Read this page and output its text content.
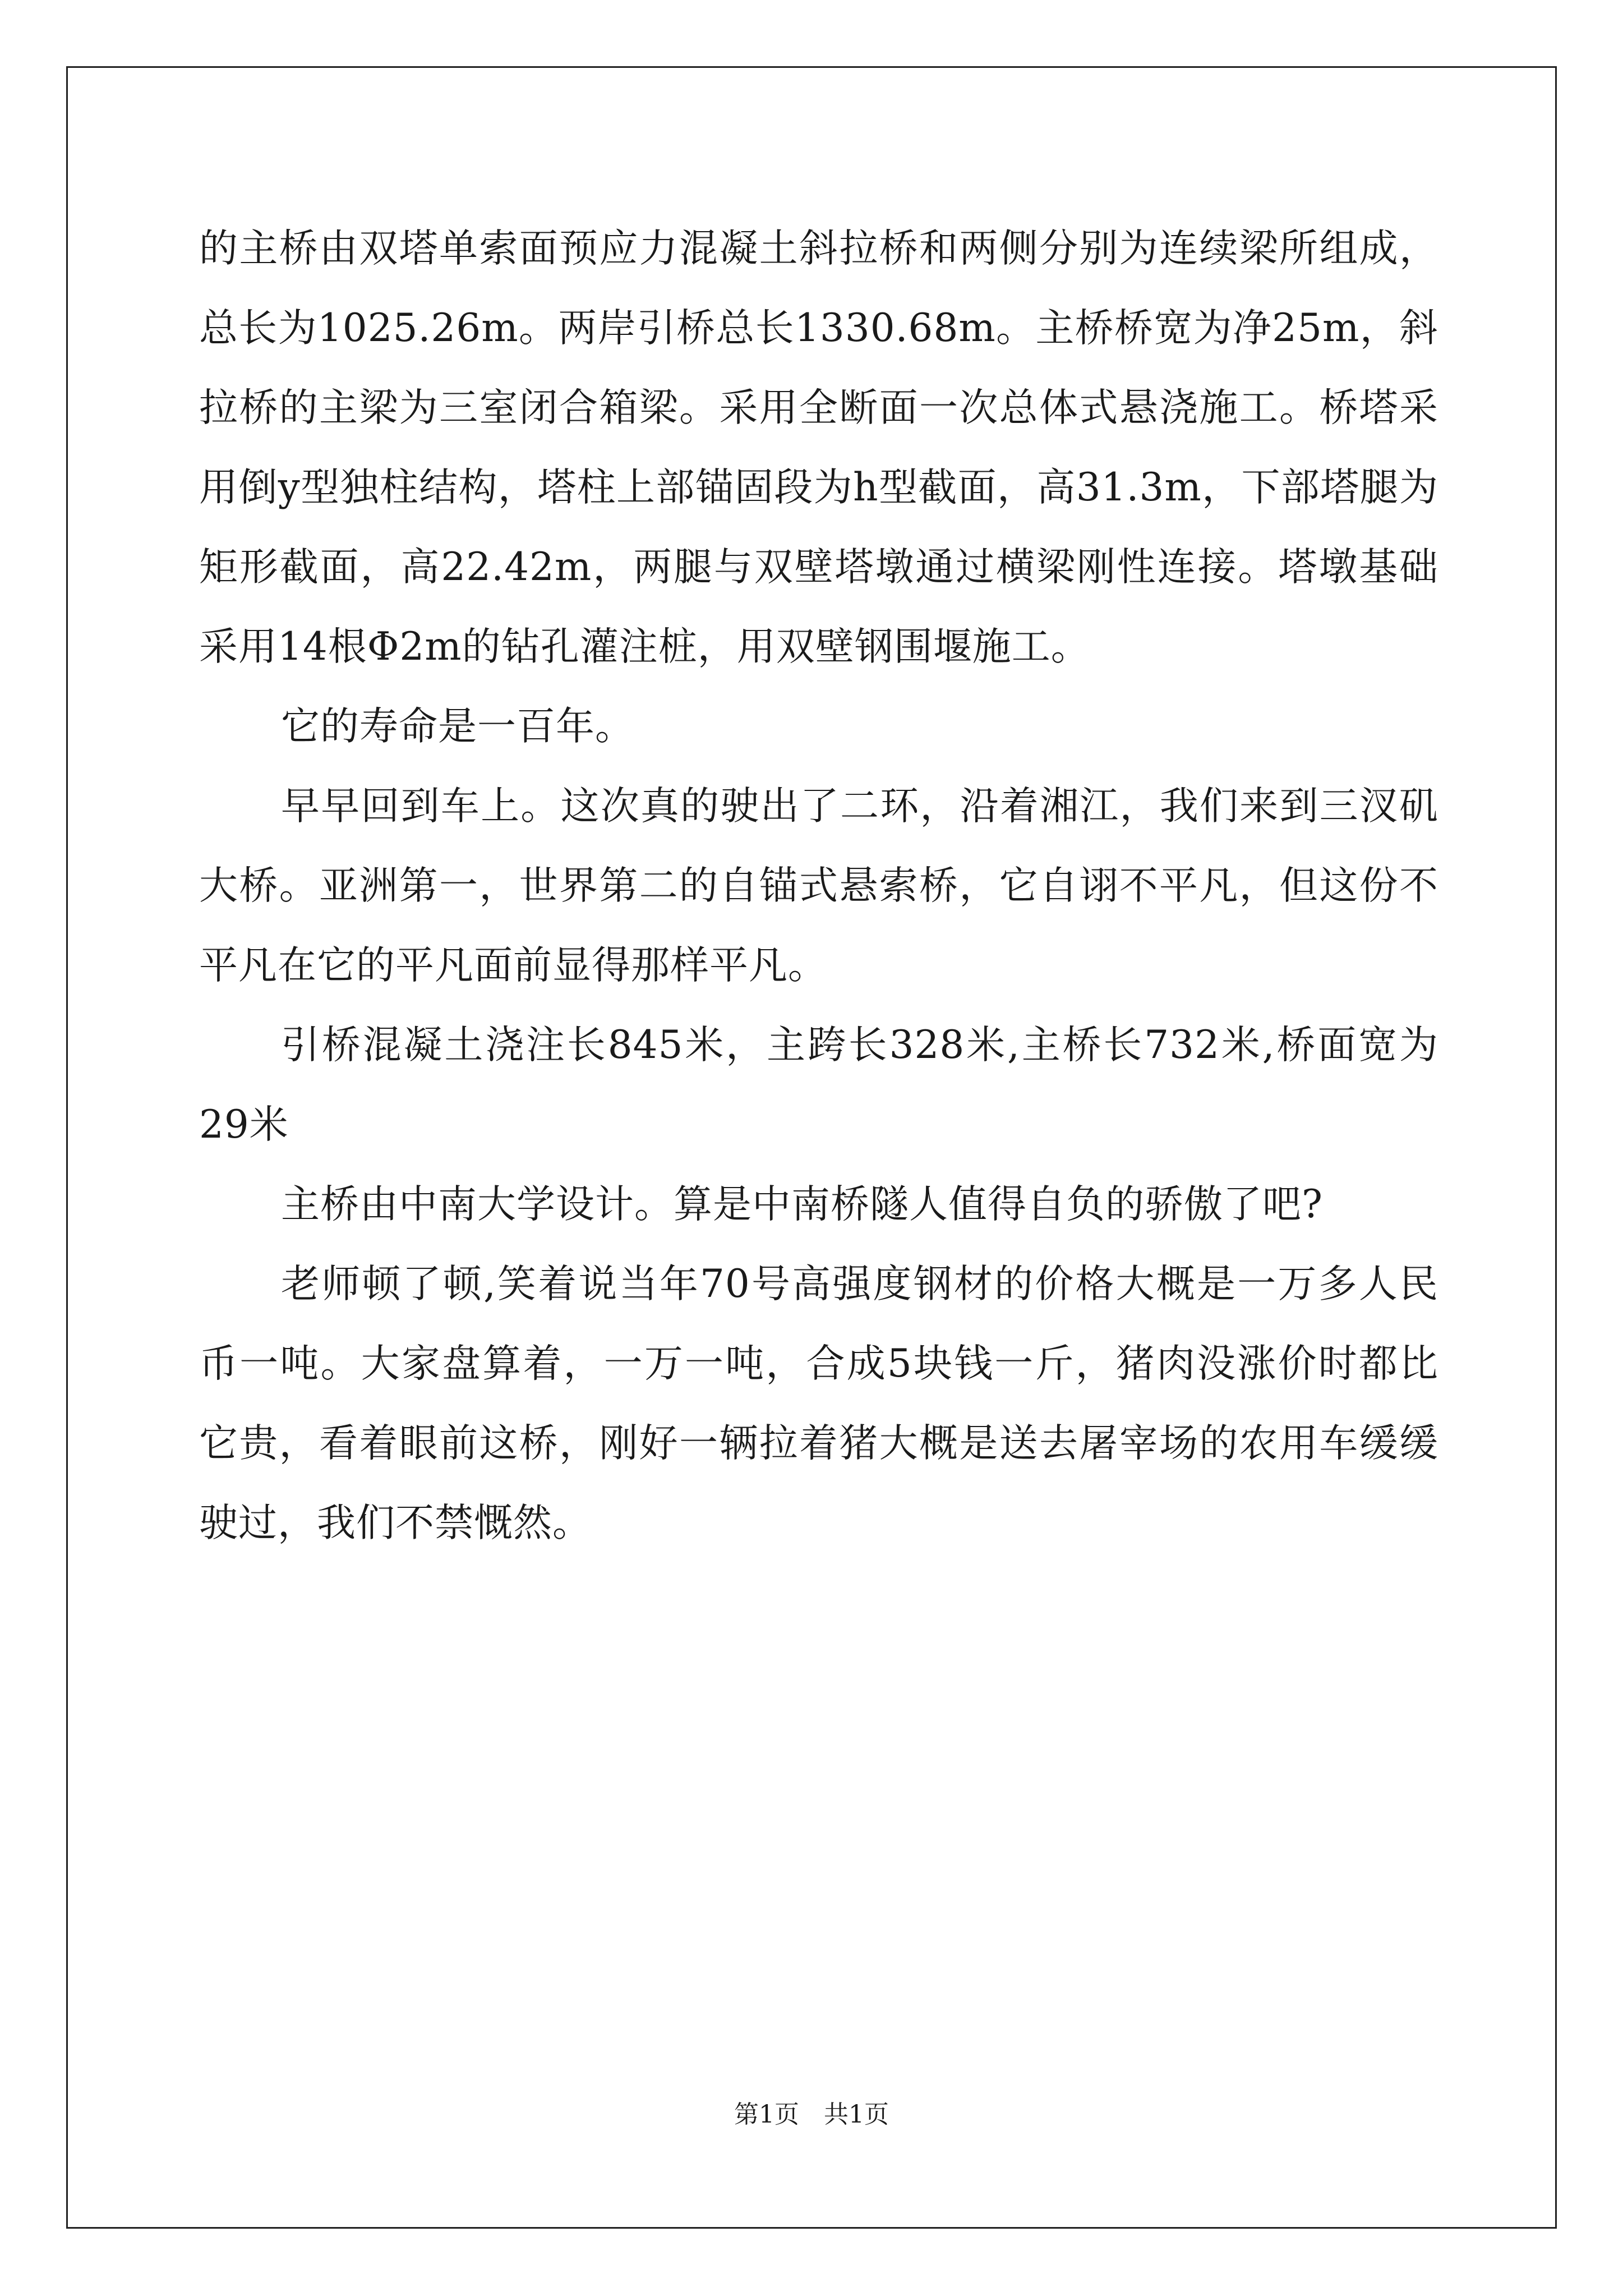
的主桥由双塔单索面预应力混凝土斜拉桥和两侧分别为连续梁所组成，总长为1025.26m。两岸引桥总长1330.68m。主桥桥宽为净25m，斜拉桥的主梁为三室闭合箱梁。采用全断面一次总体式悬浇施工。桥塔采用倒y型独柱结构，塔柱上部锚固段为h型截面，高31.3m，下部塔腿为矩形截面，高22.42m，两腿与双壁塔墩通过横梁刚性连接。塔墩基础采用14根Φ2m的钻孔灌注桩，用双壁钢围堰施工。

它的寿命是一百年。

早早回到车上。这次真的驶出了二环，沿着湘江，我们来到三汊矶大桥。亚洲第一，世界第二的自锚式悬索桥，它自诩不平凡，但这份不平凡在它的平凡面前显得那样平凡。

引桥混凝土浇注长845米，主跨长328米,主桥长732米,桥面宽为29米

主桥由中南大学设计。算是中南桥隧人值得自负的骄傲了吧?

老师顿了顿,笑着说当年70号高强度钢材的价格大概是一万多人民币一吨。大家盘算着，一万一吨，合成5块钱一斤，猪肉没涨价时都比它贵，看着眼前这桥，刚好一辆拉着猪大概是送去屠宰场的农用车缓缓驶过，我们不禁慨然。

第1页 共1页
